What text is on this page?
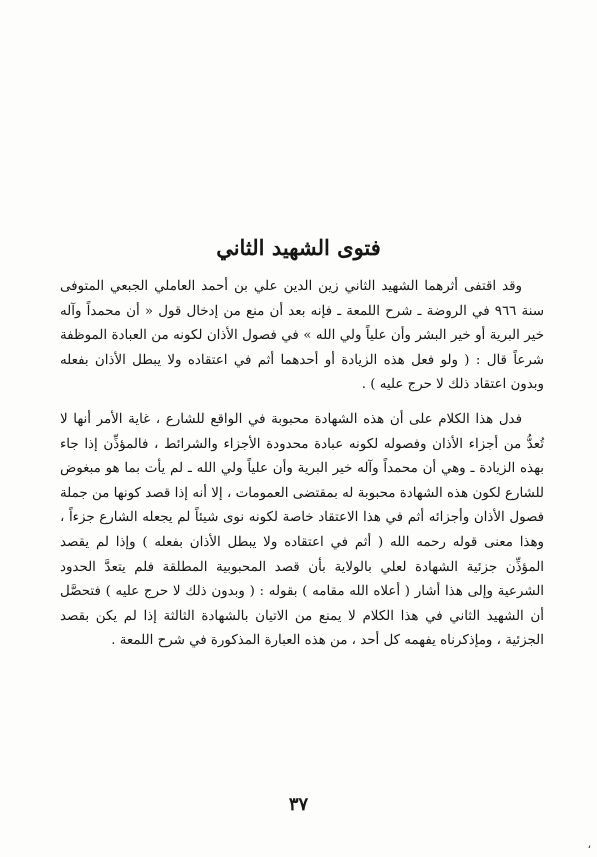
فتوى الشهيد الثاني

وقد اقتفى أثرهما الشهيد الثاني زين الدين علي بن أحمد العاملي الجبعي المتوفى سنة ٩٦٦ في الروضة ـ شرح اللمعة ـ فإنه بعد أن منع من إدخال قول « أن محمداً وآله خير البرية أو خير البشر وأن علياً ولي الله » في فصول الأذان لكونه من العبادة الموظفة شرعاً قال : ( ولو فعل هذه الزيادة أو أحدهما أثم في اعتقاده ولا يبطل الأذان بفعله وبدون اعتقاد ذلك لا حرج عليه ) .

فدل هذا الكلام على أن هذه الشهادة محبوبة في الواقع للشارع ، غاية الأمر أنها لا تُعدُّ من أجزاء الأذان وفصوله لكونه عبادة محدودة الأجزاء والشرائط ، فالمؤذِّن إذا جاء بهذه الزيادة ـ وهي أن محمداً وآله خير البرية وأن علياً ولي الله ـ لم يأت بما هو مبغوض للشارع لكون هذه الشهادة محبوبة له بمقتضى العمومات ، إلا أنه إذا قصد كونها من جملة فصول الأذان وأجزائه أثم في هذا الاعتقاد خاصة لكونه نوى شيئاً لم يجعله الشارع جزءاً ، وهذا معنى قوله رحمه الله ( أثم في اعتقاده ولا يبطل الأذان بفعله ) وإذا لم يقصد المؤذِّن جزئية الشهادة لعلي بالولاية بأن قصد المحبوبية المطلقة فلم يتعدَّ الحدود الشرعية وإلى هذا أشار ( أعلاه الله مقامه ) بقوله : ( وبدون ذلك لا حرج عليه ) فتحصَّل أن الشهيد الثاني في هذا الكلام لا يمنع من الاتيان بالشهادة الثالثة إذا لم يكن بقصد الجزئية ، ومإذكرناه يفهمه كل أحد ، من هذه العبارة المذكورة في شرح اللمعة .

٣٧
،
